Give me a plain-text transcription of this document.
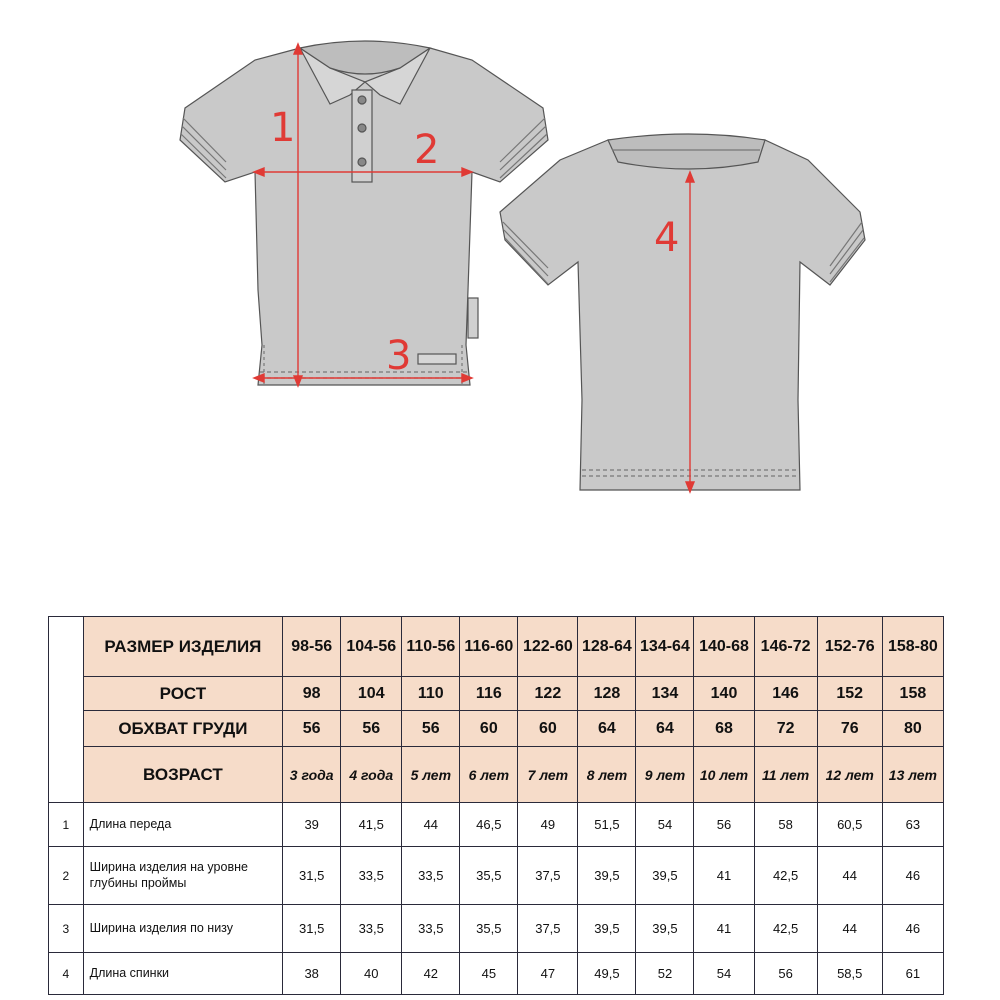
1	2
3
4
	РАЗМЕР ИЗДЕЛИЯ	98-56	104-56	110-56	116-60	122-60	128-64	134-64	140-68	146-72	152-76	158-80
	РОСТ	98	104	110	116	122	128	134	140	146	152	158
	ОБХВАТ ГРУДИ	56	56	56	60	60	64	64	68	72	76	80
	ВОЗРАСТ	3 года	4 года	5 лет	6 лет	7 лет	8 лет	9 лет	10 лет	11 лет	12 лет	13 лет
1	Длина переда	39	41,5	44	46,5	49	51,5	54	56	58	60,5	63
2	Ширина изделия на уровне глубины проймы	31,5	33,5	33,5	35,5	37,5	39,5	39,5	41	42,5	44	46
3	Ширина изделия по низу	31,5	33,5	33,5	35,5	37,5	39,5	39,5	41	42,5	44	46
4	Длина спинки	38	40	42	45	47	49,5	52	54	56	58,5	61
